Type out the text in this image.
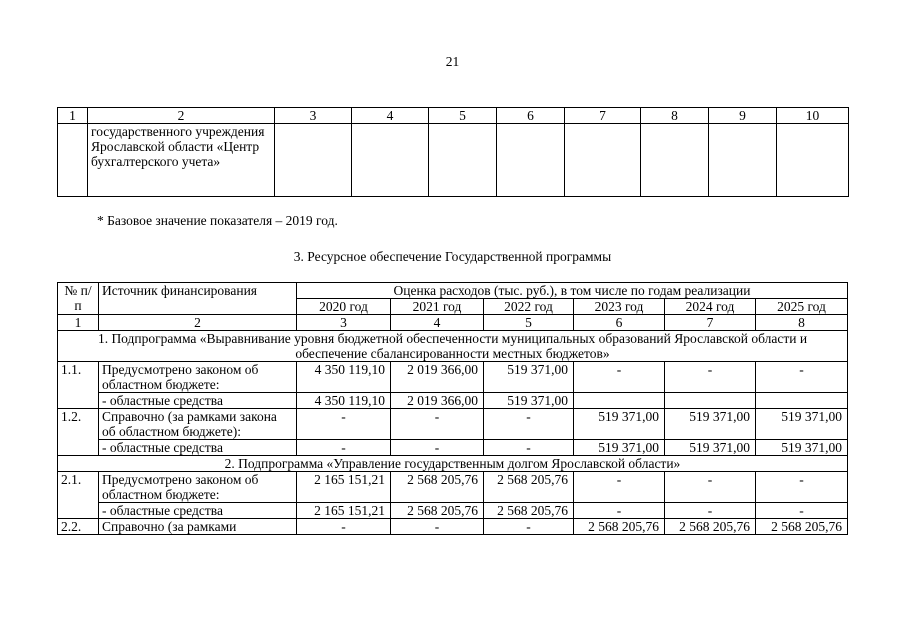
21
1	2	3	4	5	6	7	8	9	10
	государственного учреждения Ярославской области «Центр бухгалтерского учета»								
* Базовое значение показателя – 2019 год.
3. Ресурсное обеспечение Государственной программы
№ п/п	Источник финансирования	Оценка расходов (тыс. руб.), в том числе по годам реализации					
		2020 год	2021 год	2022 год	2023 год	2024 год	2025 год
1	2	3	4	5	6	7	8
1. Подпрограмма «Выравнивание уровня бюджетной обеспеченности муниципальных образований Ярославской области и обеспечение сбалансированности местных бюджетов»							
1.1.	Предусмотрено законом об областном бюджете:	4 350 119,10	2 019 366,00	519 371,00	-	-	-
	- областные средства	4 350 119,10	2 019 366,00	519 371,00			
1.2.	Справочно (за рамками закона об областном бюджете):	-	-	-	519 371,00	519 371,00	519 371,00
	- областные средства	-	-	-	519 371,00	519 371,00	519 371,00
2. Подпрограмма «Управление государственным долгом Ярославской области»							
2.1.	Предусмотрено законом об областном бюджете:	2 165 151,21	2 568 205,76	2 568 205,76	-	-	-
	- областные средства	2 165 151,21	2 568 205,76	2 568 205,76	-	-	-
2.2.	Справочно (за рамками	-	-	-	2 568 205,76	2 568 205,76	2 568 205,76
